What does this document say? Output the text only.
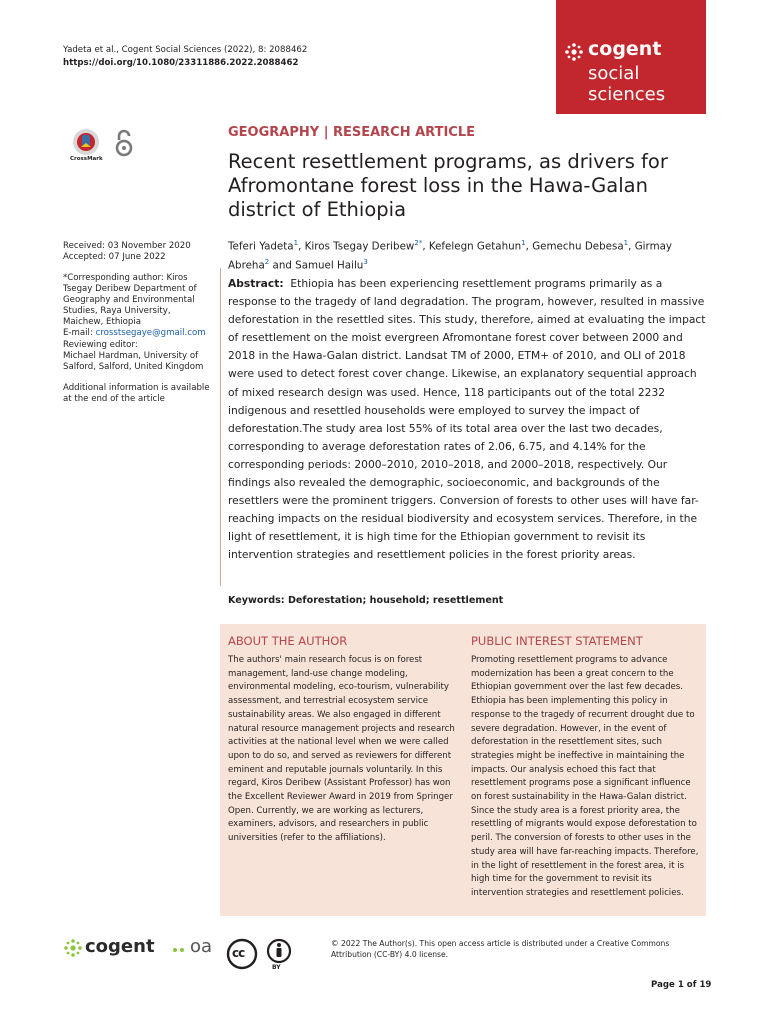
Yadeta et al., Cogent Social Sciences (2022), 8: 2088462
https://doi.org/10.1080/23311886.2022.2088462
cogent
social
sciences
CrossMark
Received: 03 November 2020
Accepted: 07 June 2022
*Corresponding author: Kiros Tsegay Deribew Department of Geography and Environmental Studies, Raya University, Maichew, Ethiopia
E-mail: crosstsegaye@gmail.com
Reviewing editor:
Michael Hardman, University of Salford, Salford, United Kingdom
Additional information is available at the end of the article
GEOGRAPHY | RESEARCH ARTICLE
Recent resettlement programs, as drivers for Afromontane forest loss in the Hawa-Galan district of Ethiopia
Teferi Yadeta$^1$, Kiros Tsegay Deribew$^{2*}$, Kefelegn Getahun$^1$, Gemechu Debesa$^1$, Girmay Abreha$^2$ and Samuel Hailu$^3$
Abstract: Ethiopia has been experiencing resettlement programs primarily as a response to the tragedy of land degradation. The program, however, resulted in massive deforestation in the resettled sites. This study, therefore, aimed at evaluating the impact of resettlement on the moist evergreen Afromontane forest cover between 2000 and 2018 in the Hawa-Galan district. Landsat TM of 2000, ETM+ of 2010, and OLI of 2018 were used to detect forest cover change. Likewise, an explanatory sequential approach of mixed research design was used. Hence, 118 participants out of the total 2232 indigenous and resettled households were employed to survey the impact of deforestation.The study area lost 55% of its total area over the last two decades, corresponding to average deforestation rates of 2.06, 6.75, and 4.14% for the corresponding periods: 2000–2010, 2010–2018, and 2000–2018, respectively. Our findings also revealed the demographic, socioeconomic, and backgrounds of the resettlers were the prominent triggers. Conversion of forests to other uses will have far-reaching impacts on the residual biodiversity and ecosystem services. Therefore, in the light of resettlement, it is high time for the Ethiopian government to revisit its intervention strategies and resettlement policies in the forest priority areas.
Keywords: Deforestation; household; resettlement
ABOUT THE AUTHOR
The authors' main research focus is on forest management, land-use change modeling, environmental modeling, eco-tourism, vulnerability assessment, and terrestrial ecosystem service sustainability areas. We also engaged in different natural resource management projects and research activities at the national level when we were called upon to do so, and served as reviewers for different eminent and reputable journals voluntarily. In this regard, Kiros Deribew (Assistant Professor) has won the Excellent Reviewer Award in 2019 from Springer Open. Currently, we are working as lecturers, examiners, advisors, and researchers in public universities (refer to the affiliations).
PUBLIC INTEREST STATEMENT
Promoting resettlement programs to advance modernization has been a great concern to the Ethiopian government over the last few decades. Ethiopia has been implementing this policy in response to the tragedy of recurrent drought due to severe degradation. However, in the event of deforestation in the resettlement sites, such strategies might be ineffective in maintaining the impacts. Our analysis echoed this fact that resettlement programs pose a significant influence on forest sustainability in the Hawa-Galan district. Since the study area is a forest priority area, the resettling of migrants would expose deforestation to peril. The conversion of forests to other uses in the study area will have far-reaching impacts. Therefore, in the light of resettlement in the forest area, it is high time for the government to revisit its intervention strategies and resettlement policies.
cogent oa cc
BY
© 2022 The Author(s). This open access article is distributed under a Creative Commons Attribution (CC-BY) 4.0 license.
Page 1 of 19
